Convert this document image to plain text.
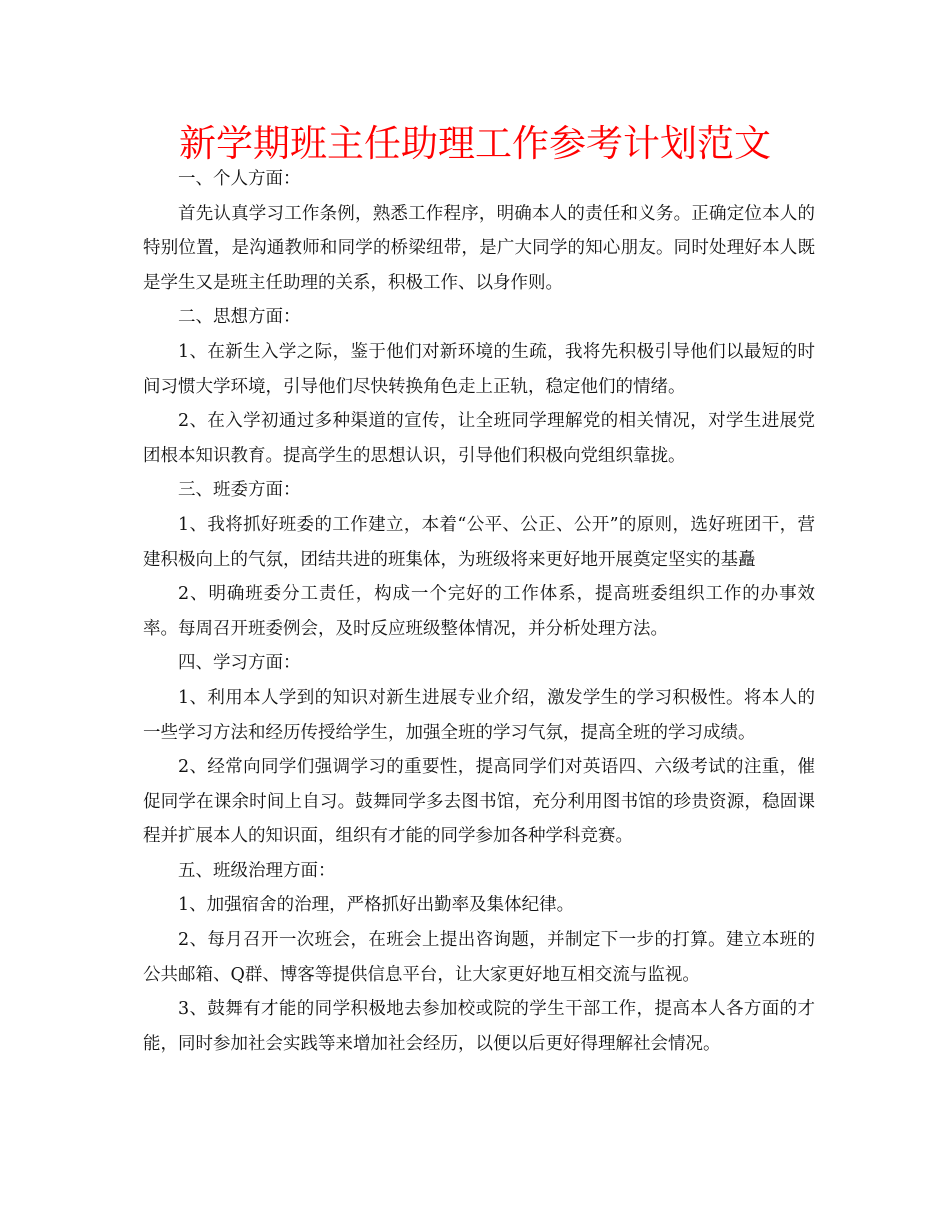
新学期班主任助理工作参考计划范文

一、个人方面：

首先认真学习工作条例，熟悉工作程序，明确本人的责任和义务。正确定位本人的特别位置，是沟通教师和同学的桥梁纽带，是广大同学的知心朋友。同时处理好本人既是学生又是班主任助理的关系，积极工作、以身作则。

二、思想方面：

1、在新生入学之际，鉴于他们对新环境的生疏，我将先积极引导他们以最短的时间习惯大学环境，引导他们尽快转换角色走上正轨，稳定他们的情绪。

2、在入学初通过多种渠道的宣传，让全班同学理解党的相关情况，对学生进展党团根本知识教育。提高学生的思想认识，引导他们积极向党组织靠拢。

三、班委方面：

1、我将抓好班委的工作建立，本着“公平、公正、公开”的原则，选好班团干，营建积极向上的气氛，团结共进的班集体，为班级将来更好地开展奠定坚实的基矗

2、明确班委分工责任，构成一个完好的工作体系，提高班委组织工作的办事效率。每周召开班委例会，及时反应班级整体情况，并分析处理方法。

四、学习方面：

1、利用本人学到的知识对新生进展专业介绍，激发学生的学习积极性。将本人的一些学习方法和经历传授给学生，加强全班的学习气氛，提高全班的学习成绩。

2、经常向同学们强调学习的重要性，提高同学们对英语四、六级考试的注重，催促同学在课余时间上自习。鼓舞同学多去图书馆，充分利用图书馆的珍贵资源，稳固课程并扩展本人的知识面，组织有才能的同学参加各种学科竞赛。

五、班级治理方面：

1、加强宿舍的治理，严格抓好出勤率及集体纪律。

2、每月召开一次班会，在班会上提出咨询题，并制定下一步的打算。建立本班的公共邮箱、Q群、博客等提供信息平台，让大家更好地互相交流与监视。

3、鼓舞有才能的同学积极地去参加校或院的学生干部工作，提高本人各方面的才能，同时参加社会实践等来增加社会经历，以便以后更好得理解社会情况。
